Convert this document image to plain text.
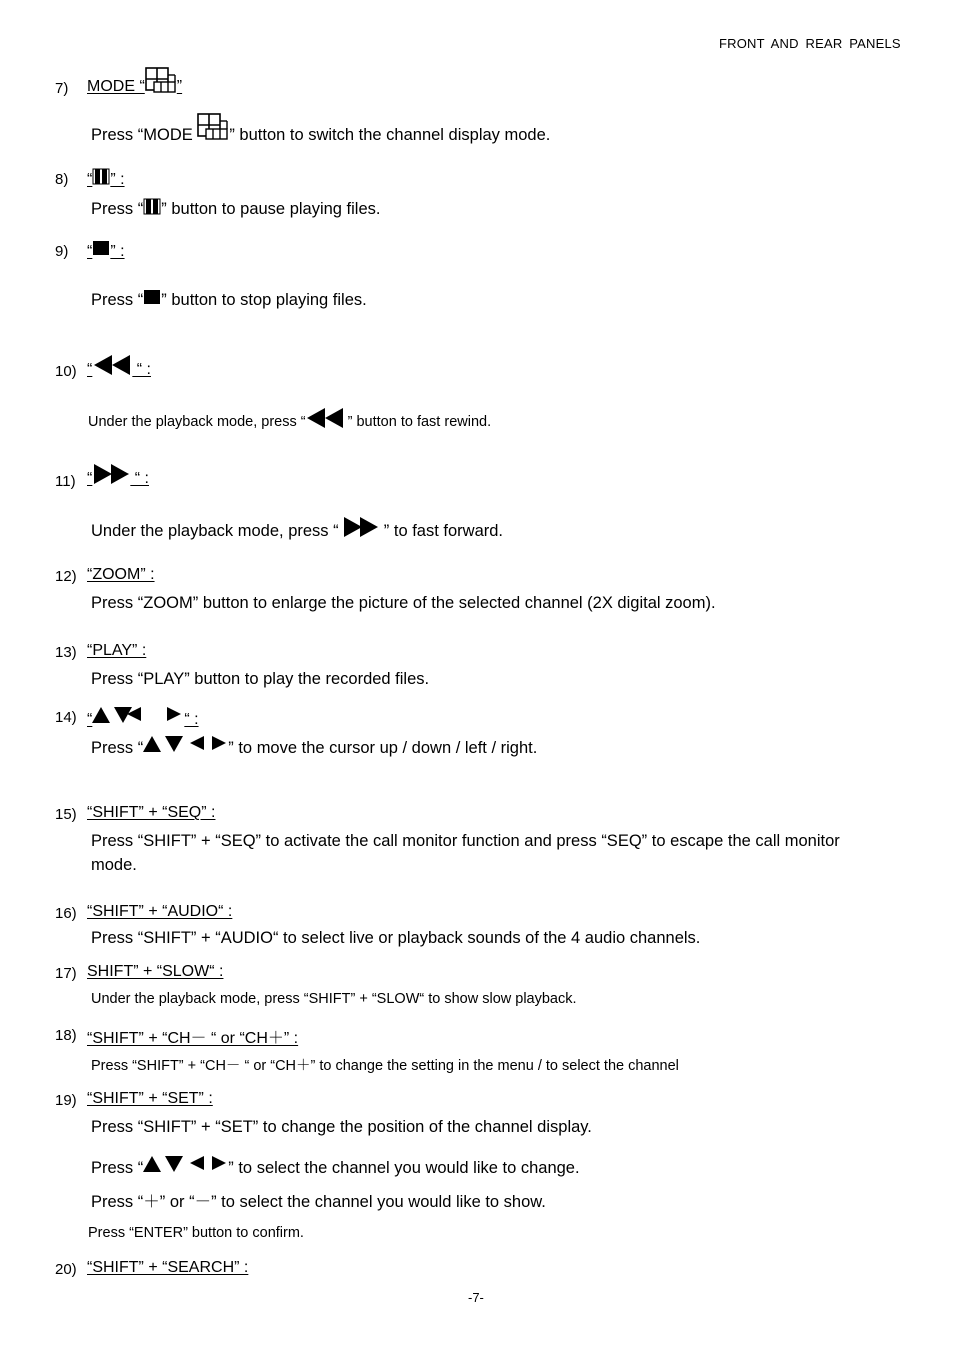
FRONT AND REAR PANELS
7) MODE “ ”
Press “MODE ” button to switch the channel display mode.
8) “ ” :
Press “ ” button to pause playing files.
9) “ ” :
Press “ ” button to stop playing files.
10) “	“ :
Under the playback mode, press “	” button to fast rewind.
11) “ “ :
Under the playback mode, press “  ” to fast forward.
12) “ZOOM” :
Press “ZOOM” button to enlarge the picture of the selected channel (2X digital zoom).
13) “PLAY” :
Press “PLAY” button to play the recorded files.
14) “	“ :
Press “	” to move the cursor up / down / left / right.
15) “SHIFT” + “SEQ” :
Press “SHIFT” + “SEQ” to activate the call monitor function and press “SEQ” to escape the call monitor
mode.
16) “SHIFT” + “AUDIO“ :
Press “SHIFT” + “AUDIO“ to select live or playback sounds of the 4 audio channels.
17) SHIFT” + “SLOW“ :
Under the playback mode, press “SHIFT” + “SLOW“ to show slow playback.
18) “SHIFT” + “CH－ “ or “CH＋” :
Press “SHIFT” + “CH－ “ or “CH＋” to change the setting in the menu / to select the channel
19) “SHIFT” + “SET” :
Press “SHIFT” + “SET” to change the position of the channel display.
Press “	” to select the channel you would like to change.
Press “＋” or “－” to select the channel you would like to show.
Press “ENTER” button to confirm.
20) “SHIFT” + “SEARCH” :
-7-
